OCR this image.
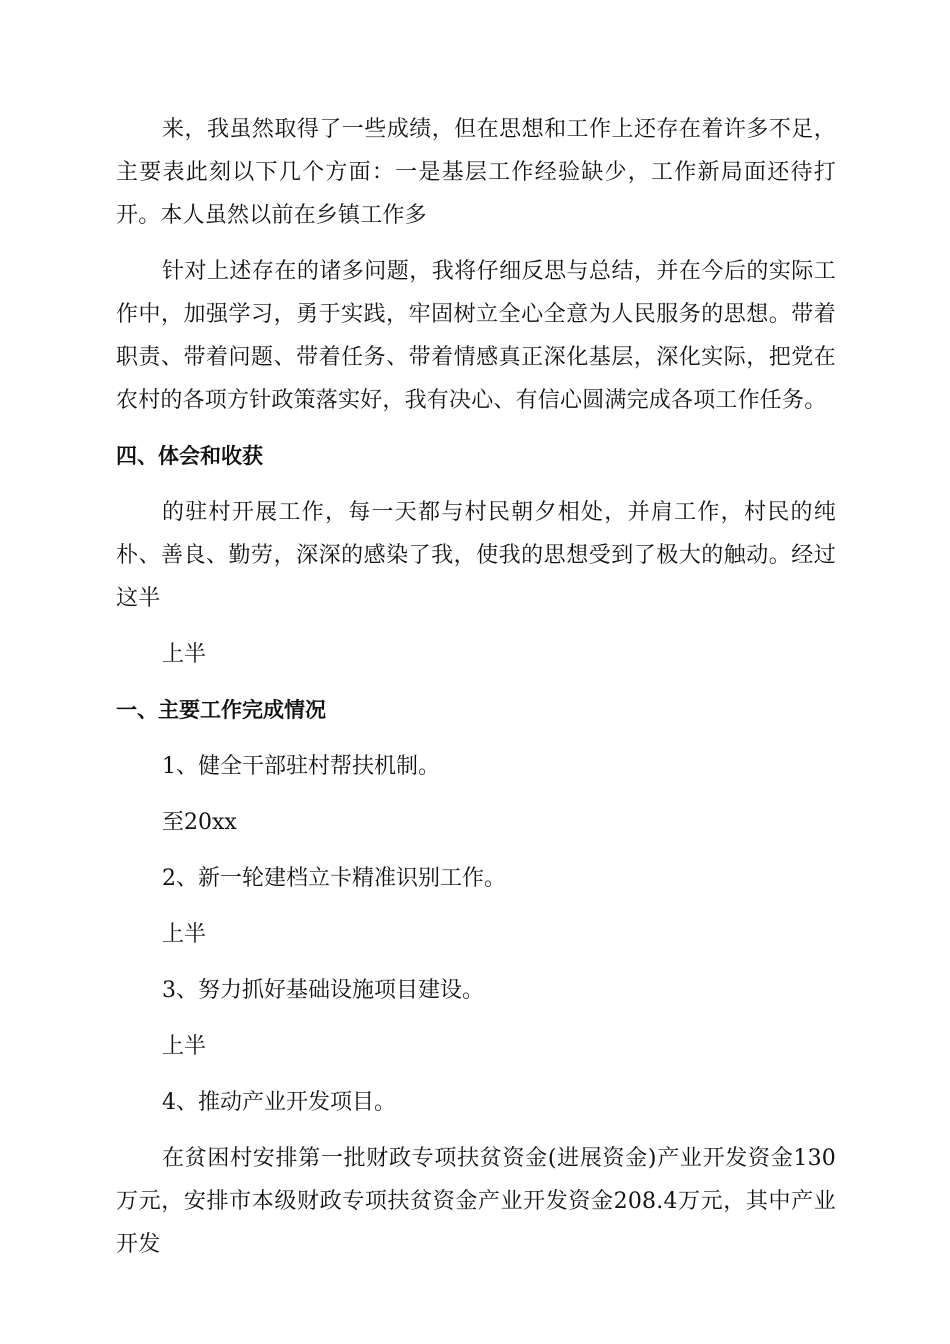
来，我虽然取得了一些成绩，但在思想和工作上还存在着许多不足，主要表此刻以下几个方面：一是基层工作经验缺少，工作新局面还待打开。本人虽然以前在乡镇工作多

针对上述存在的诸多问题，我将仔细反思与总结，并在今后的实际工作中，加强学习，勇于实践，牢固树立全心全意为人民服务的思想。带着职责、带着问题、带着任务、带着情感真正深化基层，深化实际，把党在农村的各项方针政策落实好，我有决心、有信心圆满完成各项工作任务。

四、体会和收获

的驻村开展工作，每一天都与村民朝夕相处，并肩工作，村民的纯朴、善良、勤劳，深深的感染了我，使我的思想受到了极大的触动。经过这半

上半

一、主要工作完成情况

1、健全干部驻村帮扶机制。

至20xx

2、新一轮建档立卡精准识别工作。

上半

3、努力抓好基础设施项目建设。

上半

4、推动产业开发项目。

在贫困村安排第一批财政专项扶贫资金(进展资金)产业开发资金130万元，安排市本级财政专项扶贫资金产业开发资金208.4万元，其中产业开发
